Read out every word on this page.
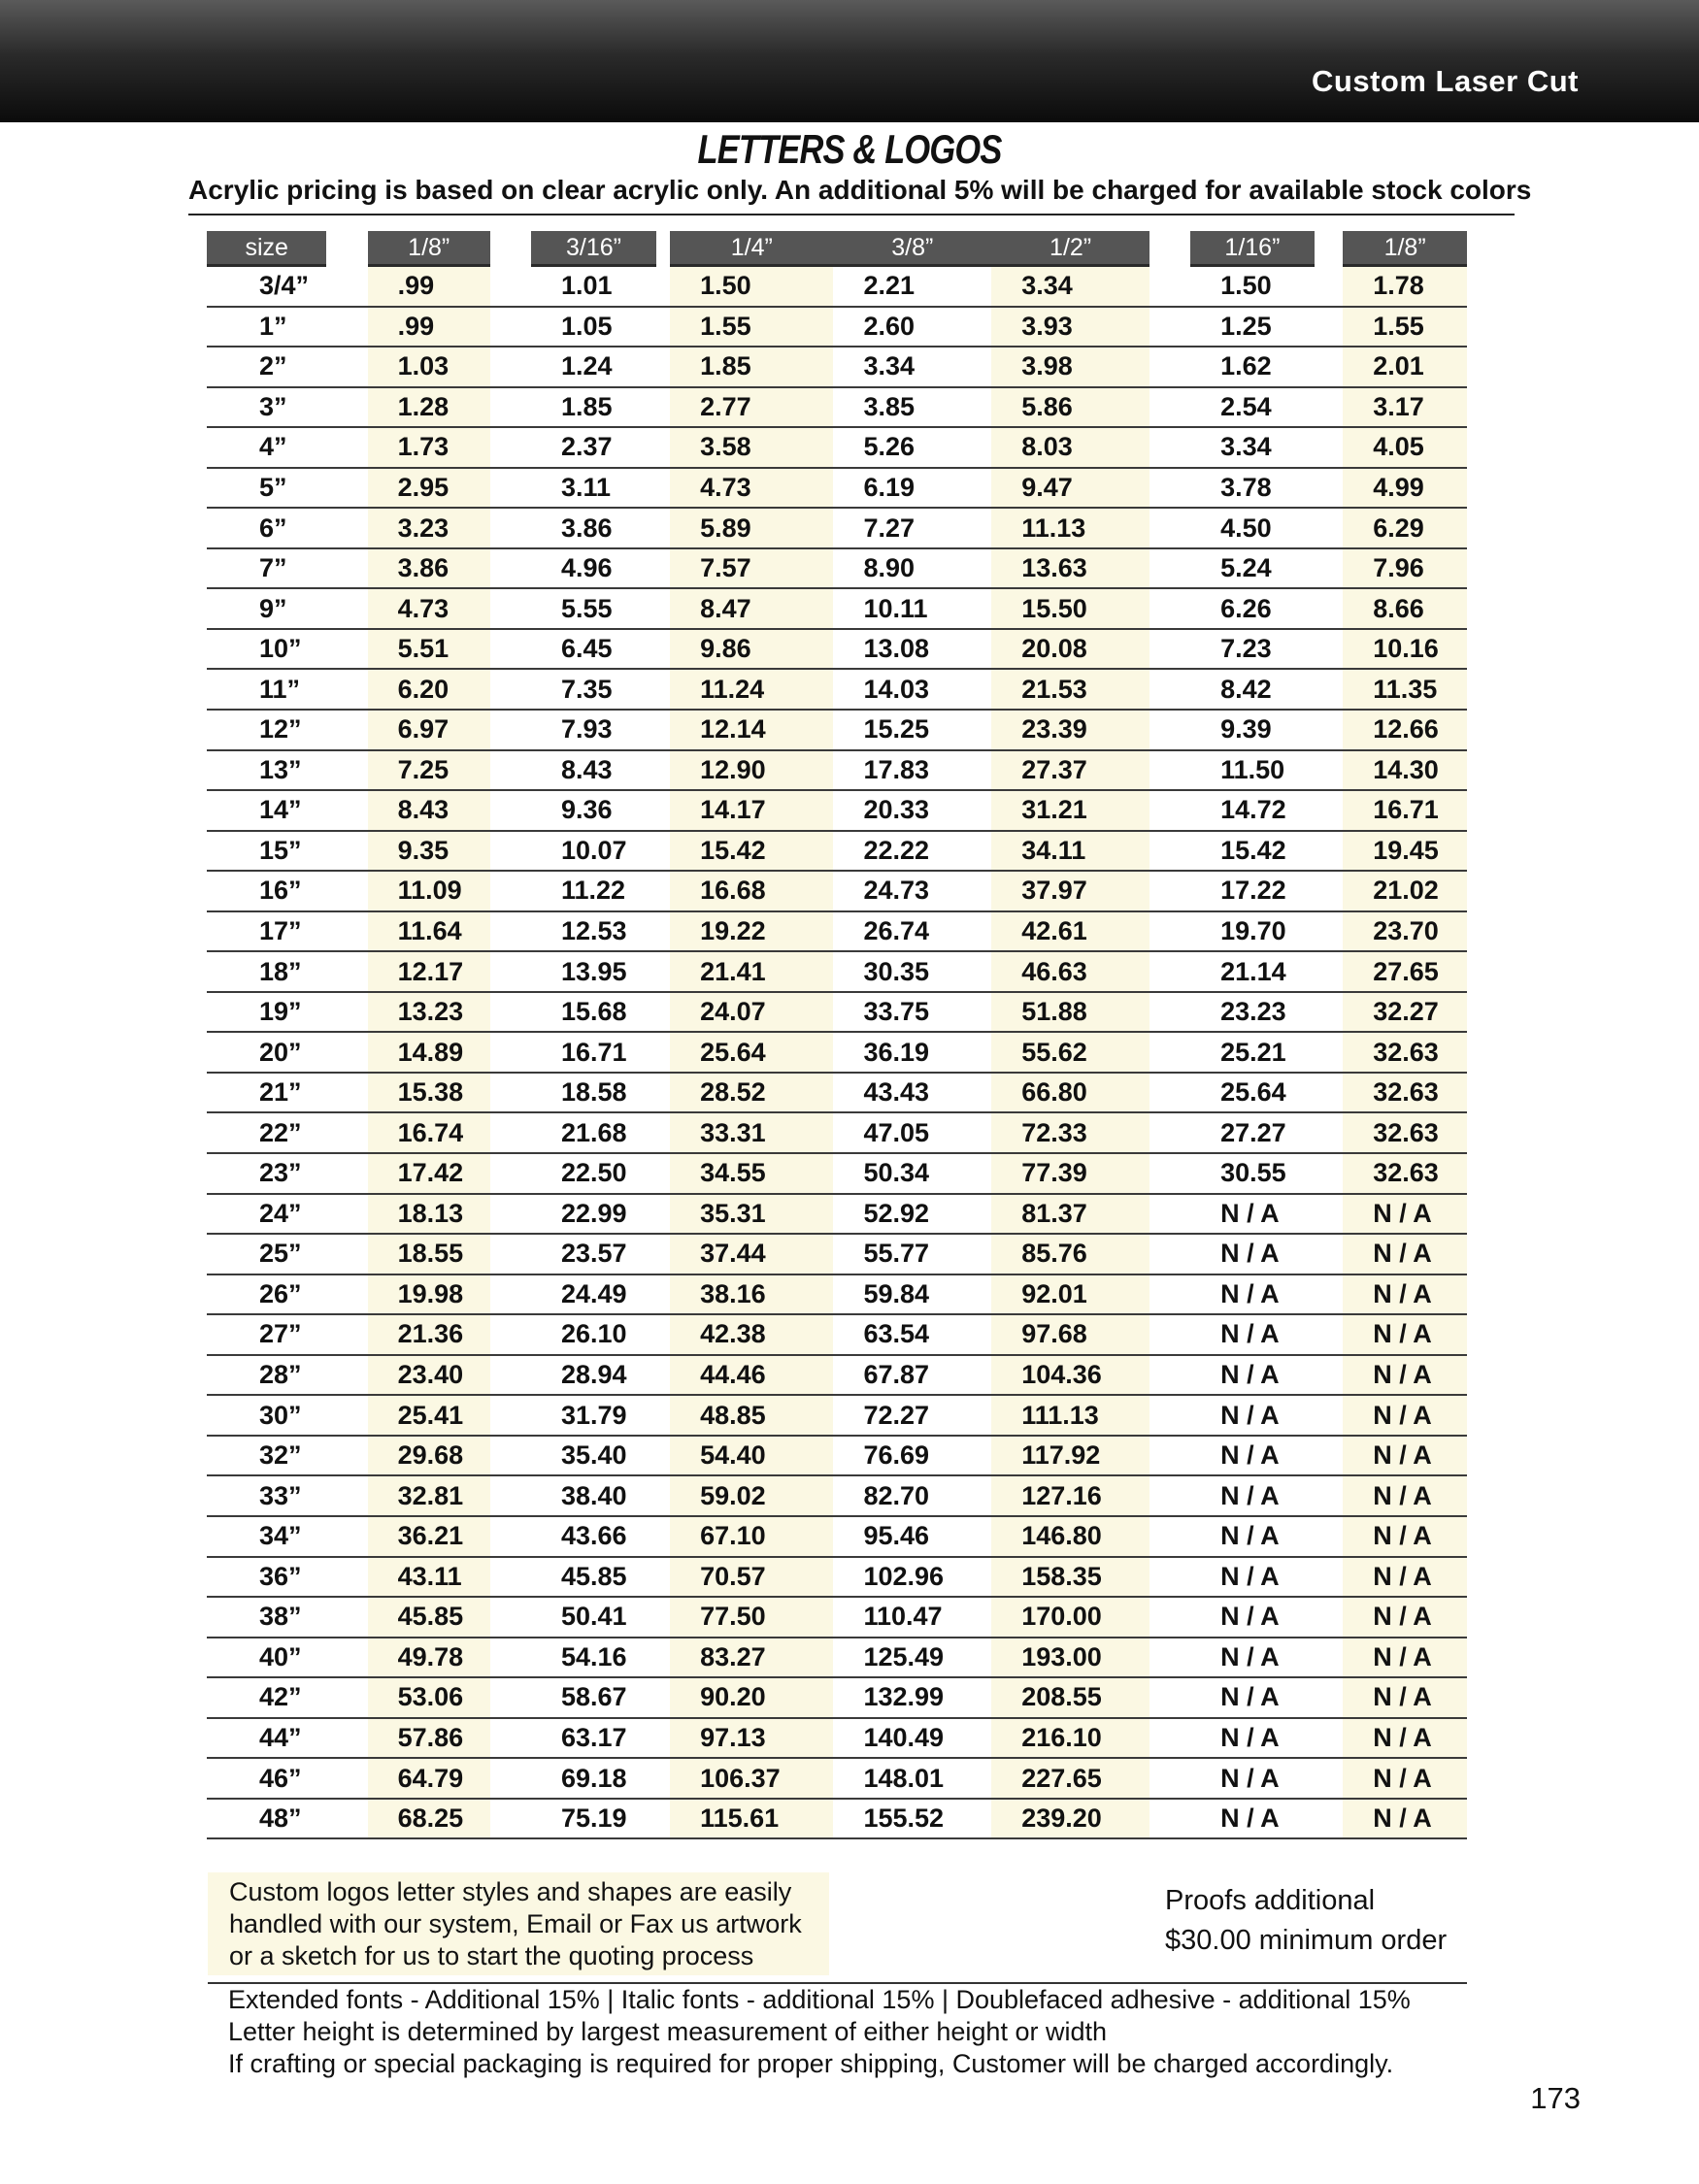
Custom Laser Cut
LETTERS & LOGOS
Acrylic pricing is based on clear acrylic only. An additional 5% will be charged for available stock colors
size		1/8”		3/16”		1/4”	3/8”	1/2”		1/16”		1/8”

3/4”		.99		1.01		1.50	2.21	3.34		1.50		1.78
1”		.99		1.05		1.55	2.60	3.93		1.25		1.55
2”		1.03		1.24		1.85	3.34	3.98		1.62		2.01
3”		1.28		1.85		2.77	3.85	5.86		2.54		3.17
4”		1.73		2.37		3.58	5.26	8.03		3.34		4.05
5”		2.95		3.11		4.73	6.19	9.47		3.78		4.99
6”		3.23		3.86		5.89	7.27	11.13		4.50		6.29
7”		3.86		4.96		7.57	8.90	13.63		5.24		7.96
9”		4.73		5.55		8.47	10.11	15.50		6.26		8.66
10”		5.51		6.45		9.86	13.08	20.08		7.23		10.16
11”		6.20		7.35		11.24	14.03	21.53		8.42		11.35
12”		6.97		7.93		12.14	15.25	23.39		9.39		12.66
13”		7.25		8.43		12.90	17.83	27.37		11.50		14.30
14”		8.43		9.36		14.17	20.33	31.21		14.72		16.71
15”		9.35		10.07		15.42	22.22	34.11		15.42		19.45
16”		11.09		11.22		16.68	24.73	37.97		17.22		21.02
17”		11.64		12.53		19.22	26.74	42.61		19.70		23.70
18”		12.17		13.95		21.41	30.35	46.63		21.14		27.65
19”		13.23		15.68		24.07	33.75	51.88		23.23		32.27
20”		14.89		16.71		25.64	36.19	55.62		25.21		32.63
21”		15.38		18.58		28.52	43.43	66.80		25.64		32.63
22”		16.74		21.68		33.31	47.05	72.33		27.27		32.63
23”		17.42		22.50		34.55	50.34	77.39		30.55		32.63
24”		18.13		22.99		35.31	52.92	81.37		N / A		N / A
25”		18.55		23.57		37.44	55.77	85.76		N / A		N / A
26”		19.98		24.49		38.16	59.84	92.01		N / A		N / A
27”		21.36		26.10		42.38	63.54	97.68		N / A		N / A
28”		23.40		28.94		44.46	67.87	104.36		N / A		N / A
30”		25.41		31.79		48.85	72.27	111.13		N / A		N / A
32”		29.68		35.40		54.40	76.69	117.92		N / A		N / A
33”		32.81		38.40		59.02	82.70	127.16		N / A		N / A
34”		36.21		43.66		67.10	95.46	146.80		N / A		N / A
36”		43.11		45.85		70.57	102.96	158.35		N / A		N / A
38”		45.85		50.41		77.50	110.47	170.00		N / A		N / A
40”		49.78		54.16		83.27	125.49	193.00		N / A		N / A
42”		53.06		58.67		90.20	132.99	208.55		N / A		N / A
44”		57.86		63.17		97.13	140.49	216.10		N / A		N / A
46”		64.79		69.18		106.37	148.01	227.65		N / A		N / A
48”		68.25		75.19		115.61	155.52	239.20		N / A		N / A
Custom logos letter styles and shapes are easily
handled with our system, Email or Fax us artwork
or a sketch for us to start the quoting process
Proofs additional
$30.00 minimum order
Extended fonts - Additional 15% | Italic fonts - additional 15% | Doublefaced adhesive - additional 15%
Letter height is determined by largest measurement of either height or width
If crafting or special packaging is required for proper shipping, Customer will be charged accordingly.
173
